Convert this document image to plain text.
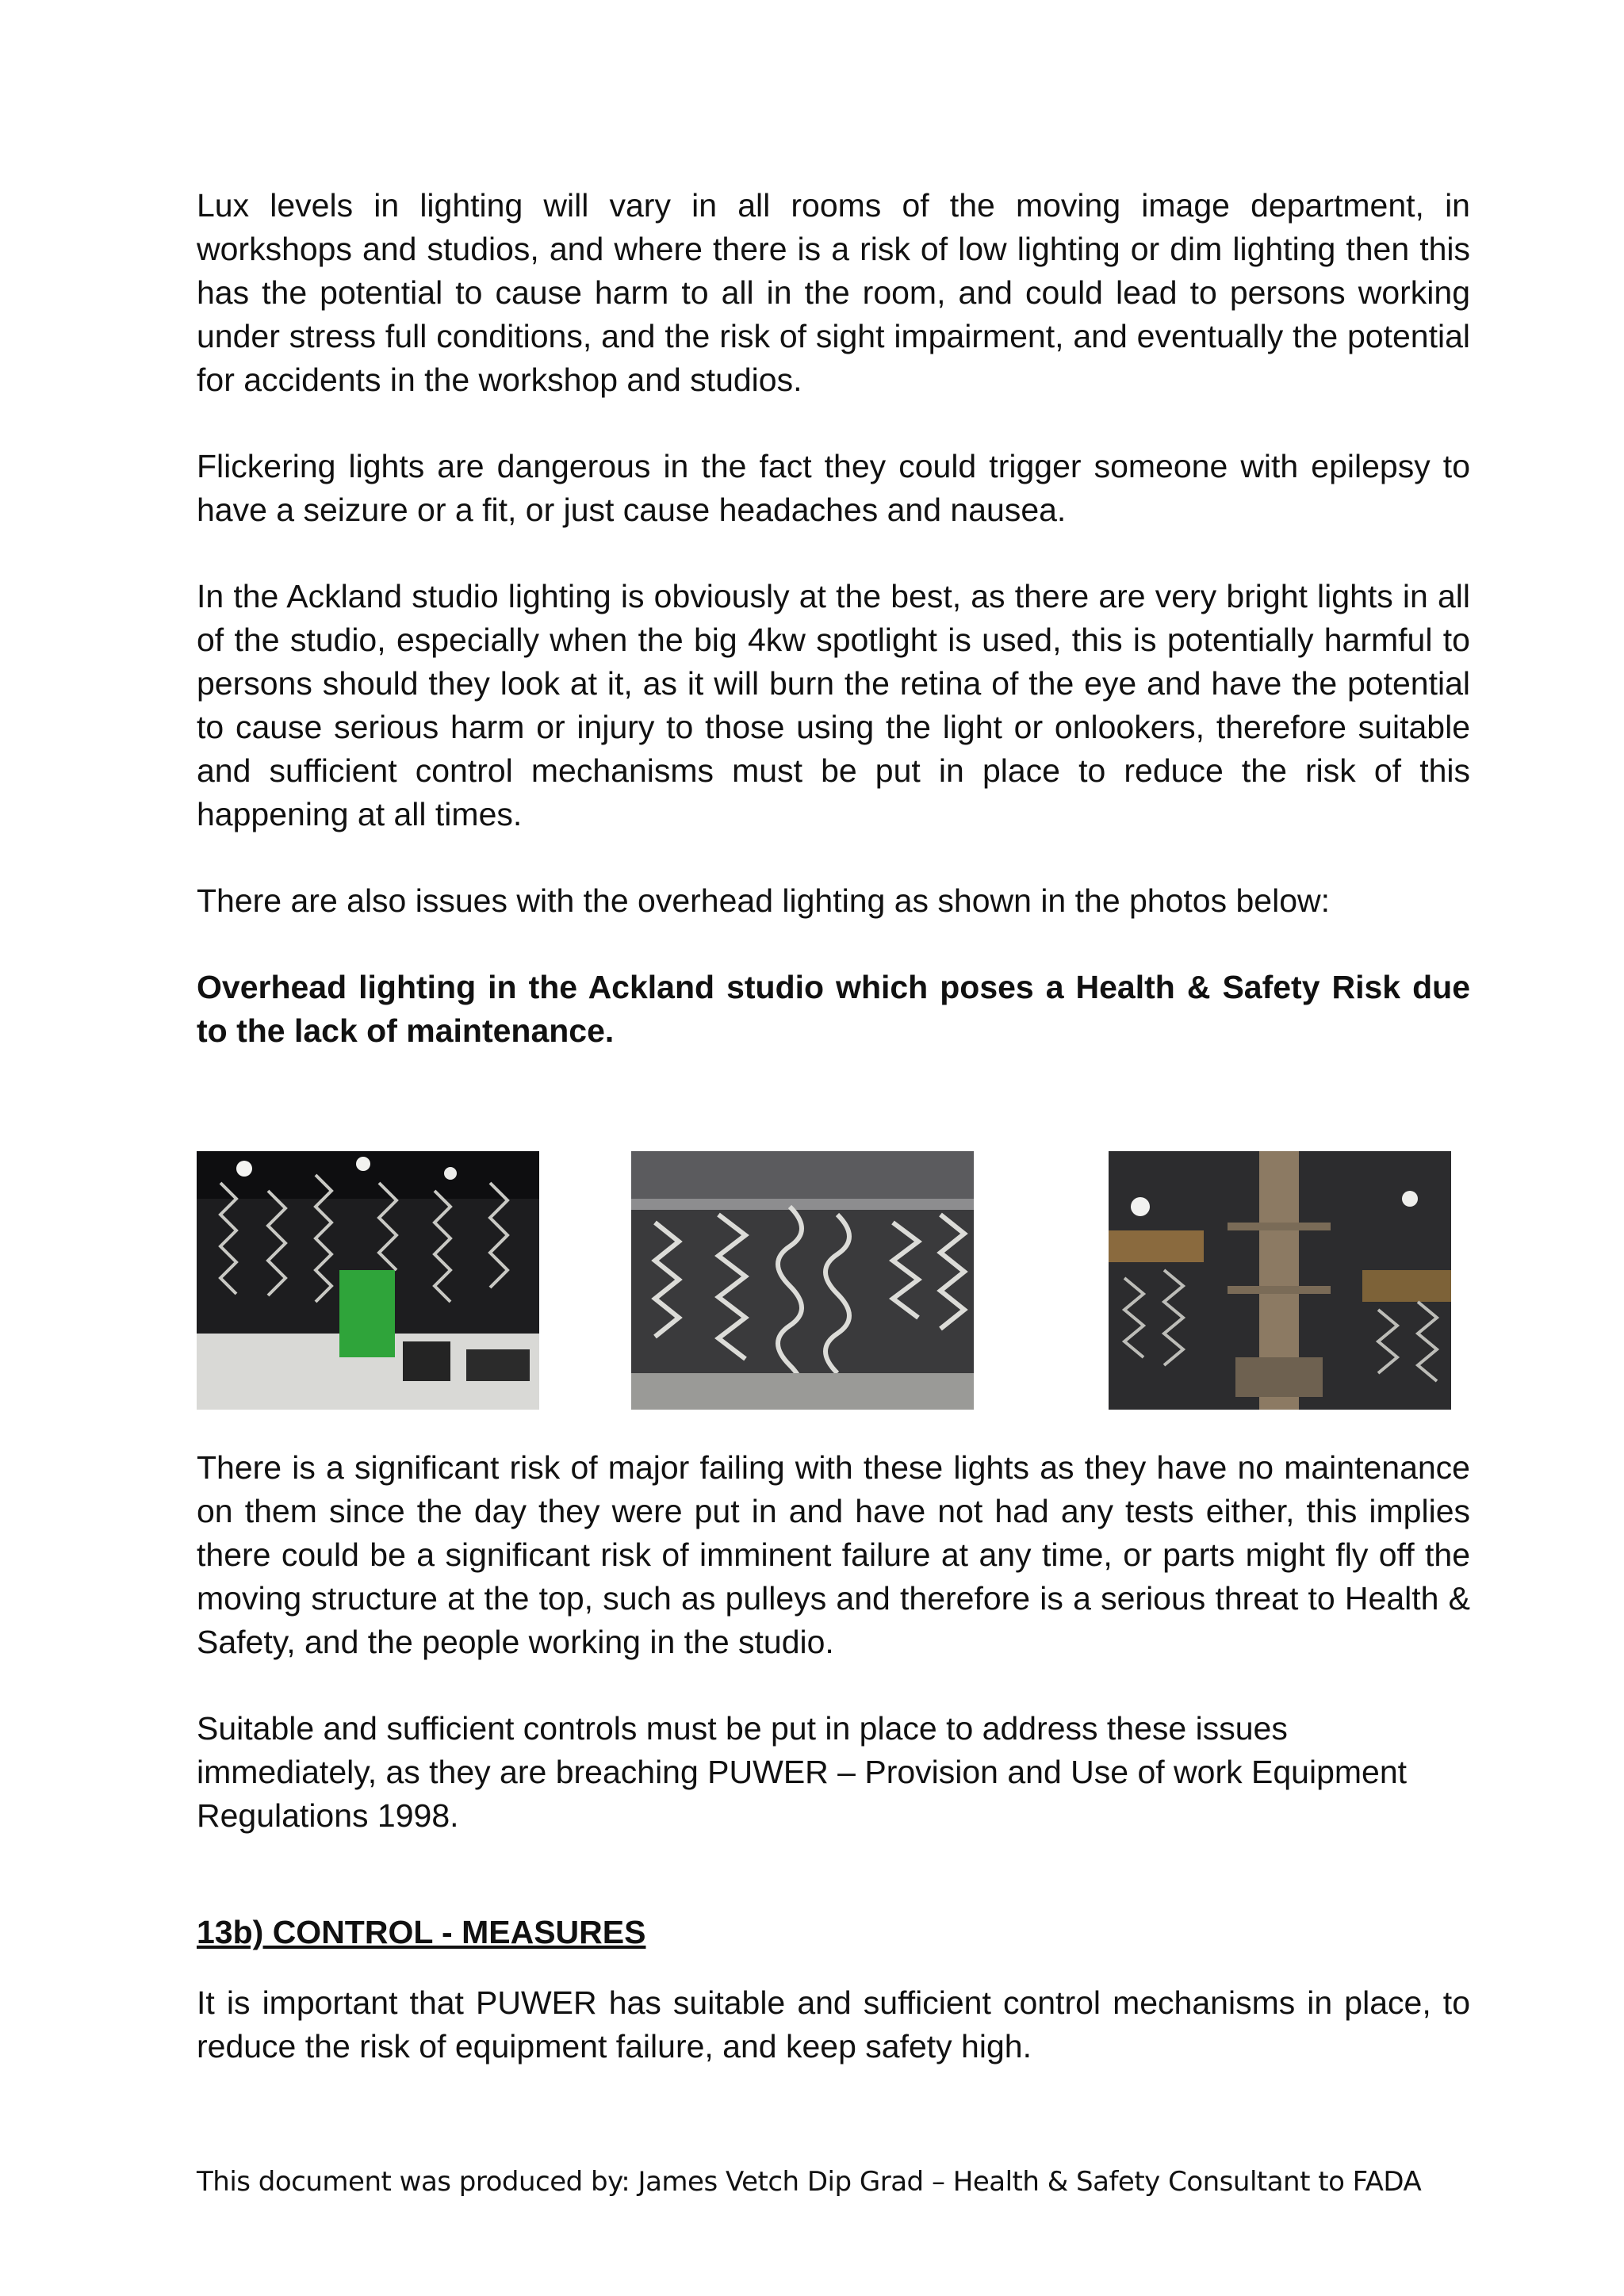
Lux levels in lighting will vary in all rooms of the moving image department, in workshops and studios, and where there is a risk of low lighting or dim lighting then this has the potential to cause harm to all in the room, and could lead to persons working under stress full conditions, and the risk of sight impairment, and eventually the potential for accidents in the workshop and studios.

Flickering lights are dangerous in the fact they could trigger someone with epilepsy to have a seizure or a fit, or just cause headaches and nausea.

In the Ackland studio lighting is obviously at the best, as there are very bright lights in all of the studio, especially when the big 4kw spotlight is used, this is potentially harmful to persons should they look at it, as it will burn the retina of the eye and have the potential to cause serious harm or injury to those using the light or onlookers, therefore suitable and sufficient control mechanisms must be put in place to reduce the risk of this happening at all times.

There are also issues with the overhead lighting as shown in the photos below:

Overhead lighting in the Ackland studio which poses a Health & Safety Risk due to the lack of maintenance.

There is a significant risk of major failing with these lights as they have no maintenance on them since the day they were put in and have not had any tests either, this implies there could be a significant risk of imminent failure at any time, or parts might fly off the moving structure at the top, such as pulleys and therefore is a serious threat to Health & Safety, and the people working in the studio.

Suitable and sufficient controls must be put in place to address these issues immediately, as they are breaching PUWER – Provision and Use of work Equipment Regulations 1998.

13b) CONTROL - MEASURES

It is important that PUWER has suitable and sufficient control mechanisms in place, to reduce the risk of equipment failure, and keep safety high.

This document was produced by: James Vetch Dip Grad – Health & Safety Consultant to FADA
